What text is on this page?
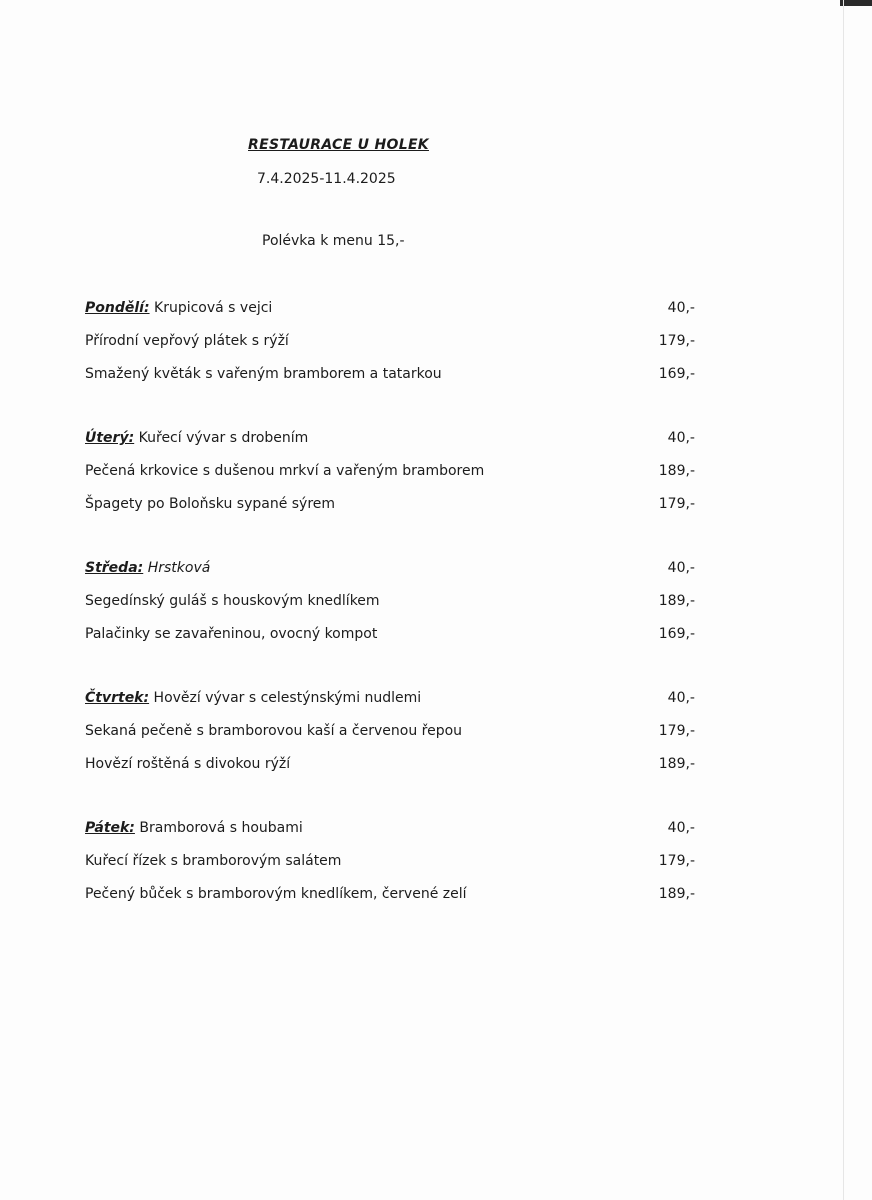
RESTAURACE U HOLEK
7.4.2025-11.4.2025
Polévka k menu 15,-
Pondělí: Krupicová s vejci	40,-
Přírodní vepřový plátek s rýží	179,-
Smažený květák s vařeným bramborem a tatarkou	169,-
Úterý: Kuřecí vývar s drobením	40,-
Pečená krkovice s dušenou mrkví a vařeným bramborem	189,-
Špagety po Boloňsku sypané sýrem	179,-
Středa: Hrstková	40,-
Segedínský guláš s houskovým knedlíkem	189,-
Palačinky se zavařeninou, ovocný kompot	169,-
Čtvrtek: Hovězí vývar s celestýnskými nudlemi	40,-
Sekaná pečeně s bramborovou kaší a červenou řepou	179,-
Hovězí roštěná s divokou rýží	189,-
Pátek: Bramborová s houbami	40,-
Kuřecí řízek s bramborovým salátem	179,-
Pečený bůček s bramborovým knedlíkem, červené zelí	189,-
